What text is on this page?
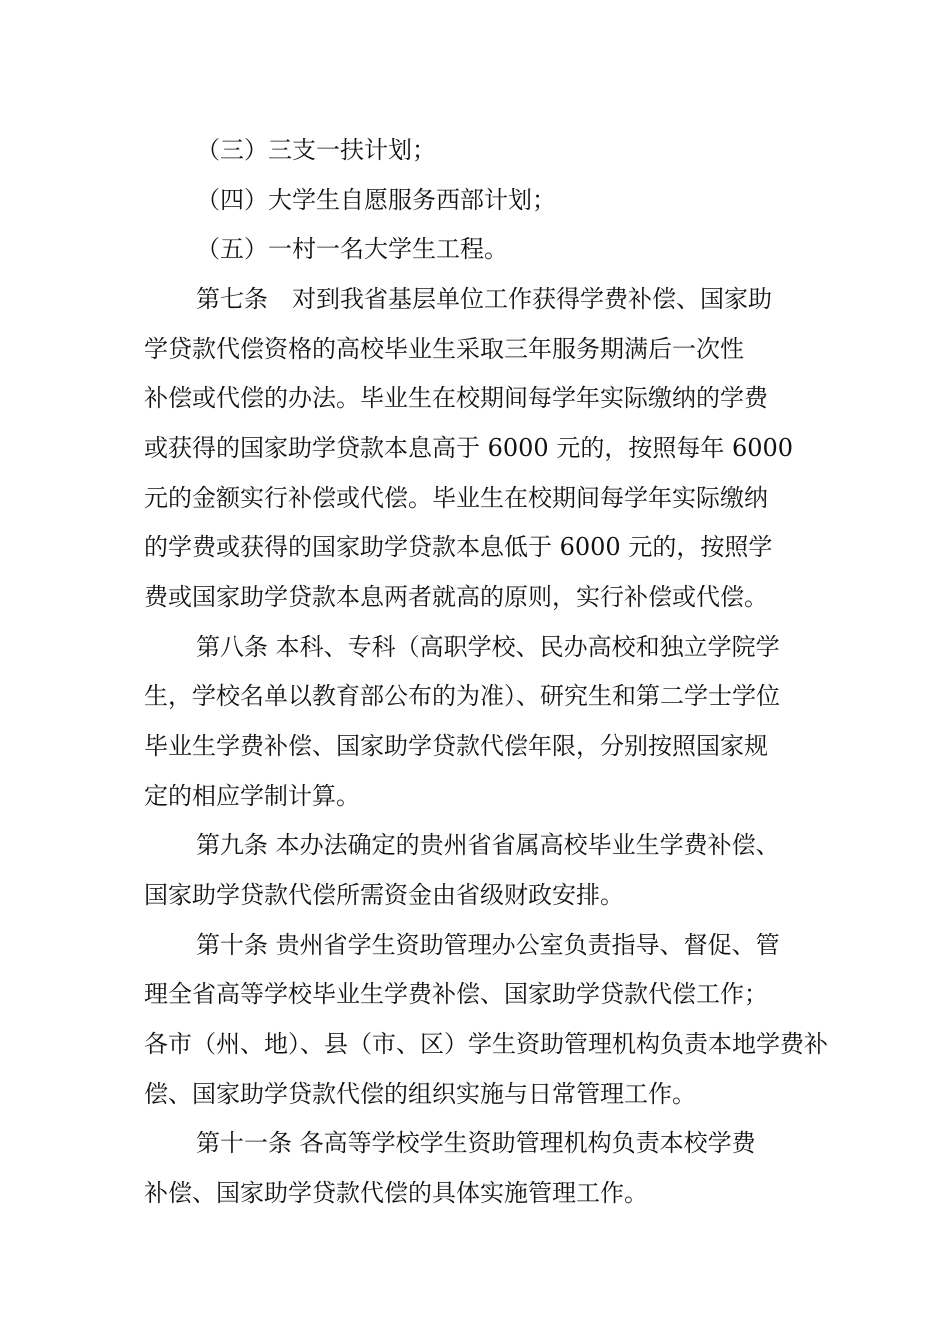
（三）三支一扶计划；
（四）大学生自愿服务西部计划；
（五）一村一名大学生工程。
第七条　对到我省基层单位工作获得学费补偿、国家助
学贷款代偿资格的高校毕业生采取三年服务期满后一次性
补偿或代偿的办法。毕业生在校期间每学年实际缴纳的学费
或获得的国家助学贷款本息高于 6000 元的，按照每年 6000
元的金额实行补偿或代偿。毕业生在校期间每学年实际缴纳
的学费或获得的国家助学贷款本息低于 6000 元的，按照学
费或国家助学贷款本息两者就高的原则，实行补偿或代偿。
第八条 本科、专科（高职学校、民办高校和独立学院学
生，学校名单以教育部公布的为准）、研究生和第二学士学位
毕业生学费补偿、国家助学贷款代偿年限，分别按照国家规
定的相应学制计算。
第九条 本办法确定的贵州省省属高校毕业生学费补偿、
国家助学贷款代偿所需资金由省级财政安排。
第十条 贵州省学生资助管理办公室负责指导、督促、管
理全省高等学校毕业生学费补偿、国家助学贷款代偿工作；
各市（州、地）、县（市、区）学生资助管理机构负责本地学费补
偿、国家助学贷款代偿的组织实施与日常管理工作。
第十一条 各高等学校学生资助管理机构负责本校学费
补偿、国家助学贷款代偿的具体实施管理工作。
